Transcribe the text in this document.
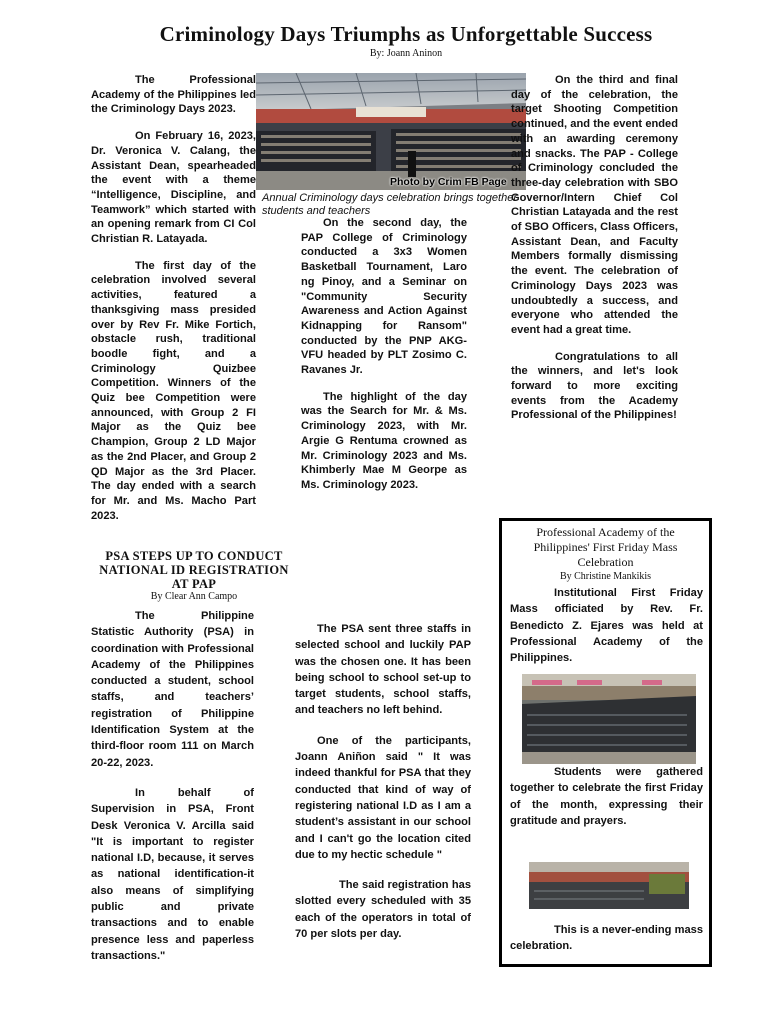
Criminology Days Triumphs as Unforgettable Success
By: Joann Aninon
Photo by Crim FB Page
Annual Criminology days celebration brings together students and teachers

The Professional Academy of the Philippines led the Criminology Days 2023.

On February 16, 2023, Dr. Veronica V. Calang, the Assistant Dean, spearheaded the event with a theme “Intelligence, Discipline, and Teamwork” which started with an opening remark from CI Col Christian R. Latayada.

The first day of the celebration involved several activities, featured a thanksgiving mass presided over by Rev Fr. Mike Fortich, obstacle rush, traditional boodle fight, and a Criminology Quizbee Competition. Winners of the Quiz bee Competition were announced, with Group 2 FI Major as the Quiz bee Champion, Group 2 LD Major as the 2nd Placer, and Group 2 QD Major as the 3rd Placer. The day ended with a search for Mr. and Ms. Macho Part 2023.

On the second day, the PAP College of Criminology conducted a 3x3 Women Basketball Tournament, Laro ng Pinoy, and a Seminar on "Community Security Awareness and Action Against Kidnapping for Ransom" conducted by the PNP AKG-VFU headed by PLT Zosimo C. Ravanes Jr.

The highlight of the day was the Search for Mr. & Ms. Criminology 2023, with Mr. Argie G Rentuma crowned as Mr. Criminology 2023 and Ms. Khimberly Mae M Georpe as Ms. Criminology 2023.

On the third and final day of the celebration, the target Shooting Competition continued, and the event ended with an awarding ceremony and snacks. The PAP - College of Criminology concluded the three-day celebration with SBO Governor/Intern Chief Col Christian Latayada and the rest of SBO Officers, Class Officers, Assistant Dean, and Faculty Members formally dismissing the event. The celebration of Criminology Days 2023 was undoubtedly a success, and everyone who attended the event had a great time.

Congratulations to all the winners, and let's look forward to more exciting events from the Academy Professional of the Philippines!

PSA STEPS UP TO CONDUCT NATIONAL ID REGISTRATION AT PAP
By Clear Ann Campo

The Philippine Statistic Authority (PSA) in coordination with Professional Academy of the Philippines conducted a student, school staffs, and teachers’ registration of Philippine Identification System at the third-floor room 111 on March 20-22, 2023.

In behalf of Supervision in PSA, Front Desk Veronica V. Arcilla said "It is important to register national I.D, because, it serves as national identification-it also means of simplifying public and private transactions and to enable presence less and paperless transactions."

The PSA sent three staffs in selected school and luckily PAP was the chosen one. It has been being school to school set-up to target students, school staffs, and teachers no left behind.

One of the participants, Joann Aniñon said " It was indeed thankful for PSA that they conducted that kind of way of registering national I.D as I am a student’s assistant in our school and I can't go the location cited due to my hectic schedule "

The said registration has slotted every scheduled with 35 each of the operators in total of 70 per slots per day.

Professional Academy of the Philippines' First Friday Mass Celebration
By Christine Mankikis

Institutional First Friday Mass officiated by Rev. Fr. Benedicto Z. Ejares was held at Professional Academy of the Philippines.

Students were gathered together to celebrate the first Friday of the month, expressing their gratitude and prayers.

This is a never-ending mass celebration.
